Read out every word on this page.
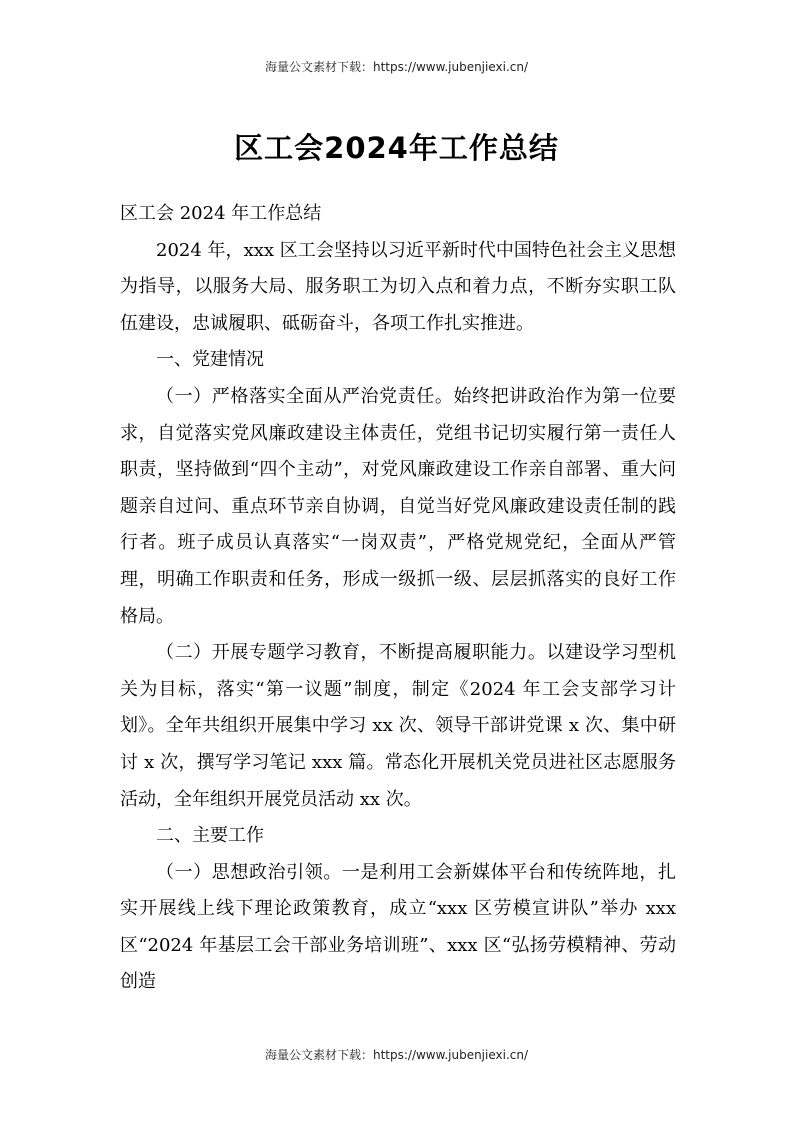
海量公文素材下载：https://www.jubenjiexi.cn/
区工会2024年工作总结

区工会 2024 年工作总结

2024 年，xxx 区工会坚持以习近平新时代中国特色社会主义思想为指导，以服务大局、服务职工为切入点和着力点，不断夯实职工队伍建设，忠诚履职、砥砺奋斗，各项工作扎实推进。

一、党建情况

（一）严格落实全面从严治党责任。始终把讲政治作为第一位要求，自觉落实党风廉政建设主体责任，党组书记切实履行第一责任人职责，坚持做到“四个主动”，对党风廉政建设工作亲自部署、重大问题亲自过问、重点环节亲自协调，自觉当好党风廉政建设责任制的践行者。班子成员认真落实“一岗双责”，严格党规党纪，全面从严管理，明确工作职责和任务，形成一级抓一级、层层抓落实的良好工作格局。

（二）开展专题学习教育，不断提高履职能力。以建设学习型机关为目标，落实“第一议题”制度，制定《2024 年工会支部学习计划》。全年共组织开展集中学习 xx 次、领导干部讲党课 x 次、集中研讨 x 次，撰写学习笔记 xxx 篇。常态化开展机关党员进社区志愿服务活动，全年组织开展党员活动 xx 次。

二、主要工作

（一）思想政治引领。一是利用工会新媒体平台和传统阵地，扎实开展线上线下理论政策教育，成立“xxx 区劳模宣讲队”举办 xxx 区“2024 年基层工会干部业务培训班”、xxx 区“弘扬劳模精神、劳动创造

海量公文素材下载：https://www.jubenjiexi.cn/
